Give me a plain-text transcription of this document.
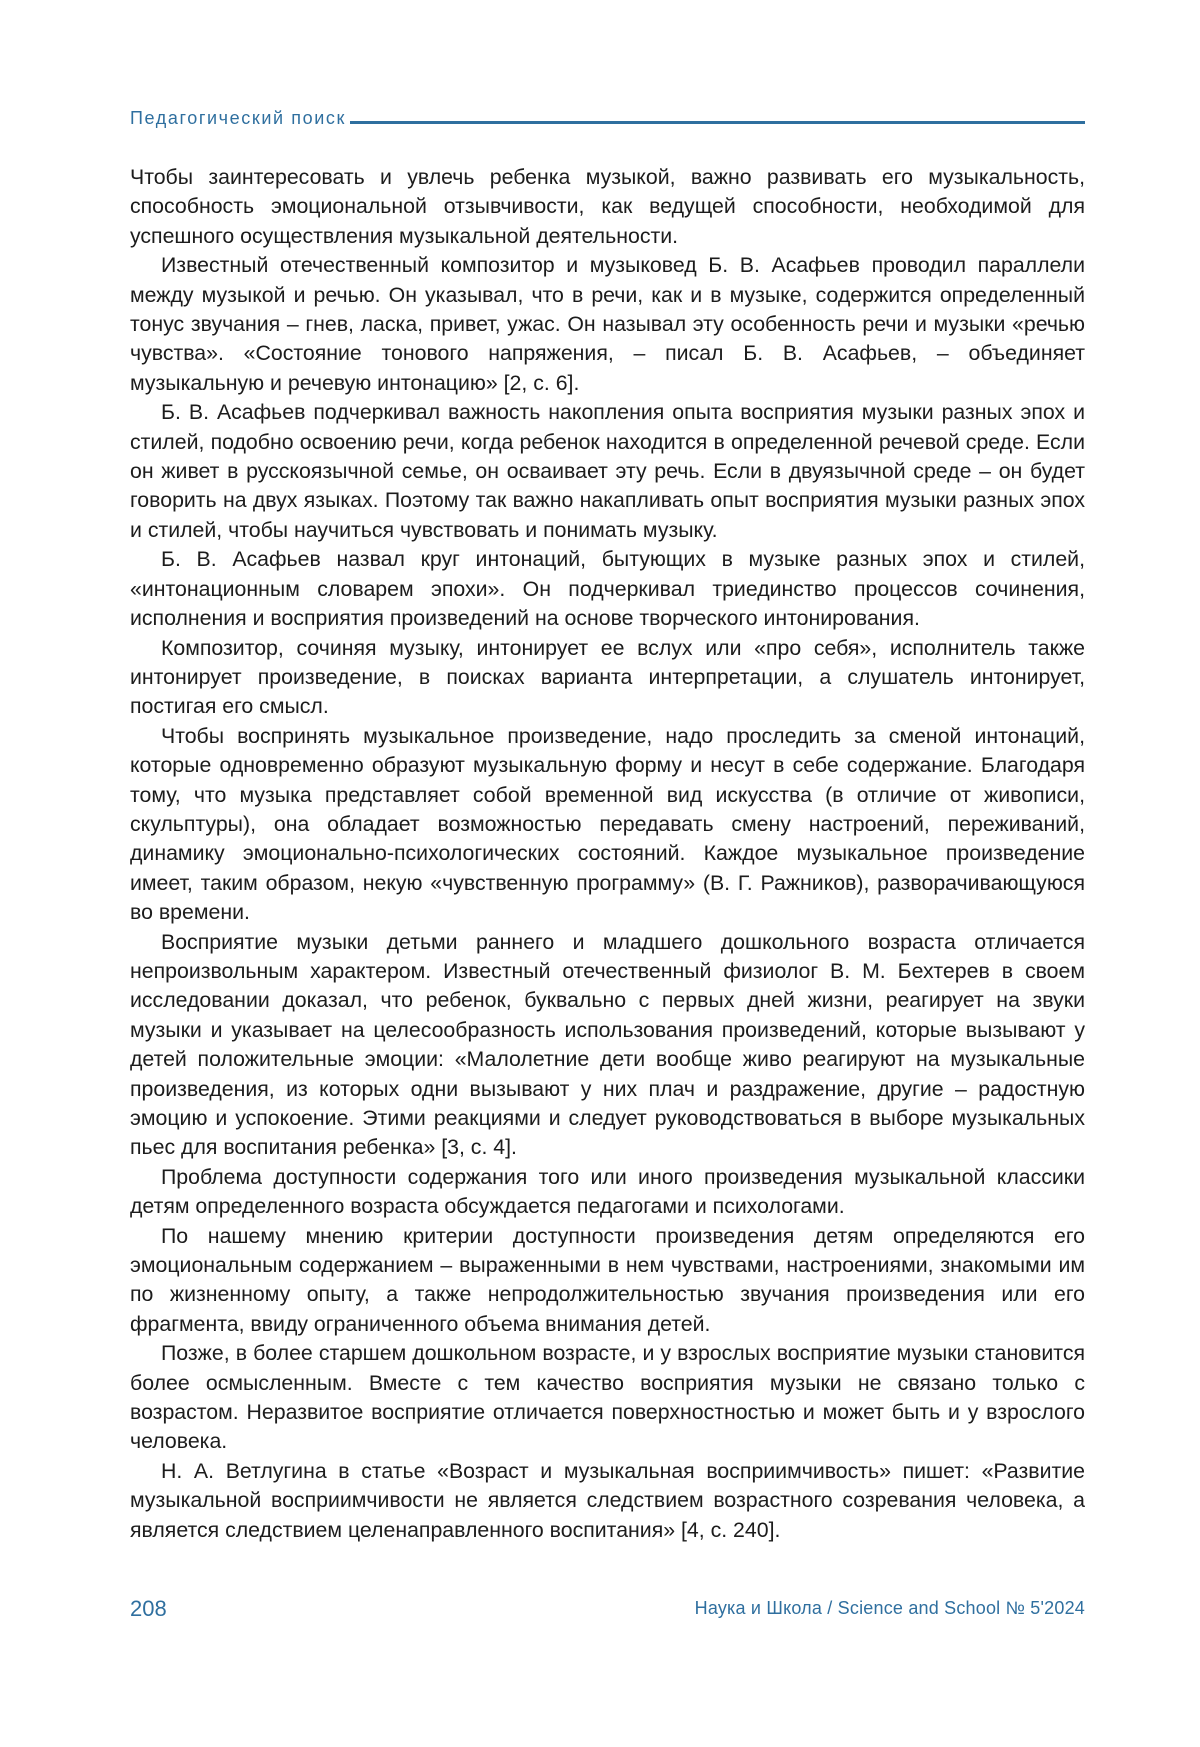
Педагогический поиск

Чтобы заинтересовать и увлечь ребенка музыкой, важно развивать его музыкальность, способность эмоциональной отзывчивости, как ведущей способности, необходимой для успешного осуществления музыкальной деятельности.

Известный отечественный композитор и музыковед Б. В. Асафьев проводил параллели между музыкой и речью. Он указывал, что в речи, как и в музыке, содержится определенный тонус звучания – гнев, ласка, привет, ужас. Он называл эту особенность речи и музыки «речью чувства». «Состояние тонового напряжения, – писал Б. В. Асафьев, – объединяет музыкальную и речевую интонацию» [2, с. 6].

Б. В. Асафьев подчеркивал важность накопления опыта восприятия музыки разных эпох и стилей, подобно освоению речи, когда ребенок находится в определенной речевой среде. Если он живет в русскоязычной семье, он осваивает эту речь. Если в двуязычной среде – он будет говорить на двух языках. Поэтому так важно накапливать опыт восприятия музыки разных эпох и стилей, чтобы научиться чувствовать и понимать музыку.

Б. В. Асафьев назвал круг интонаций, бытующих в музыке разных эпох и стилей, «интонационным словарем эпохи». Он подчеркивал триединство процессов сочинения, исполнения и восприятия произведений на основе творческого интонирования.

Композитор, сочиняя музыку, интонирует ее вслух или «про себя», исполнитель также интонирует произведение, в поисках варианта интерпретации, а слушатель интонирует, постигая его смысл.

Чтобы воспринять музыкальное произведение, надо проследить за сменой интонаций, которые одновременно образуют музыкальную форму и несут в себе содержание. Благодаря тому, что музыка представляет собой временной вид искусства (в отличие от живописи, скульптуры), она обладает возможностью передавать смену настроений, переживаний, динамику эмоционально-психологических состояний. Каждое музыкальное произведение имеет, таким образом, некую «чувственную программу» (В. Г. Ражников), разворачивающуюся во времени.

Восприятие музыки детьми раннего и младшего дошкольного возраста отличается непроизвольным характером. Известный отечественный физиолог В. М. Бехтерев в своем исследовании доказал, что ребенок, буквально с первых дней жизни, реагирует на звуки музыки и указывает на целесообразность использования произведений, которые вызывают у детей положительные эмоции: «Малолетние дети вообще живо реагируют на музыкальные произведения, из которых одни вызывают у них плач и раздражение, другие – радостную эмоцию и успокоение. Этими реакциями и следует руководствоваться в выборе музыкальных пьес для воспитания ребенка» [3, с. 4].

Проблема доступности содержания того или иного произведения музыкальной классики детям определенного возраста обсуждается педагогами и психологами.

По нашему мнению критерии доступности произведения детям определяются его эмоциональным содержанием – выраженными в нем чувствами, настроениями, знакомыми им по жизненному опыту, а также непродолжительностью звучания произведения или его фрагмента, ввиду ограниченного объема внимания детей.

Позже, в более старшем дошкольном возрасте, и у взрослых восприятие музыки становится более осмысленным. Вместе с тем качество восприятия музыки не связано только с возрастом. Неразвитое восприятие отличается поверхностностью и может быть и у взрослого человека.

Н. А. Ветлугина в статье «Возраст и музыкальная восприимчивость» пишет: «Развитие музыкальной восприимчивости не является следствием возрастного созревания человека, а является следствием целенаправленного воспитания» [4, с. 240].

208	Наука и Школа / Science and School № 5'2024
